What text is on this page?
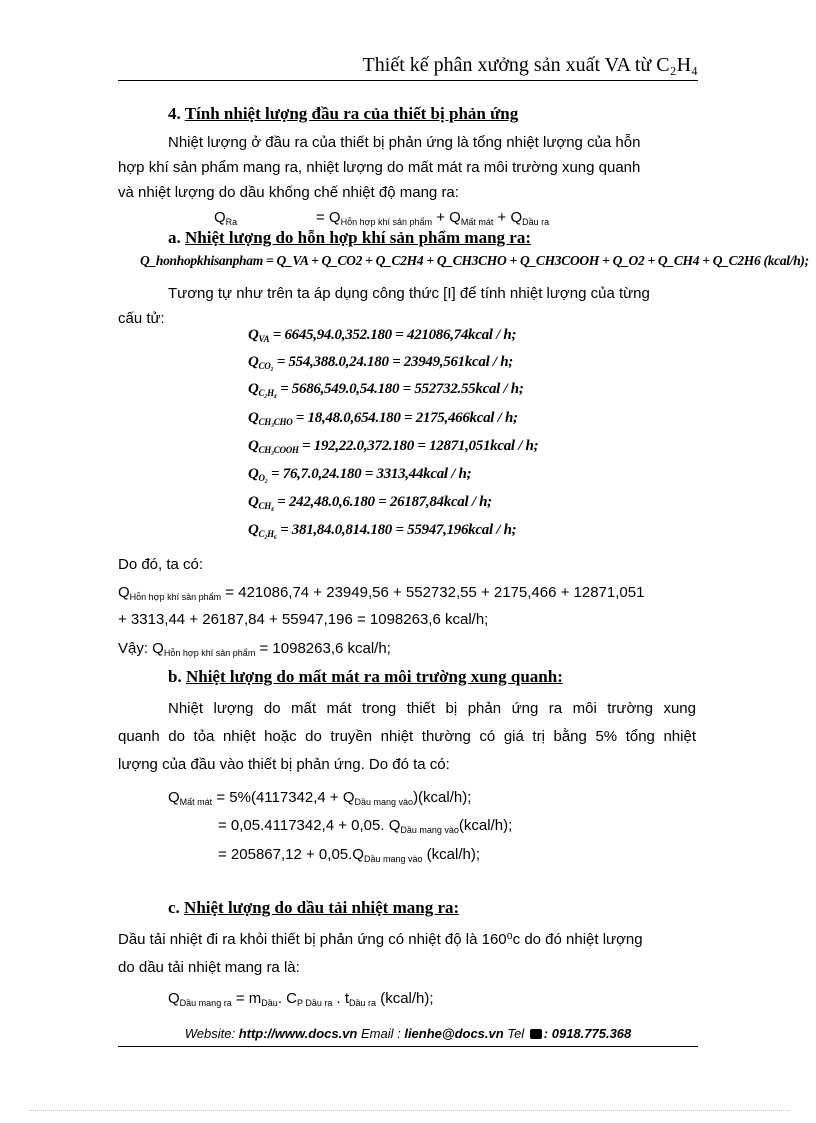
Thiết kế phân xưởng sản xuất VA từ C₂H₄
4. Tính nhiệt lượng đầu ra của thiết bị phản ứng
Nhiệt lượng ở đầu ra của thiết bị phản ứng là tổng nhiệt lượng của hỗn
hợp khí sản phẩm mang ra, nhiệt lượng do mất mát ra môi trường xung quanh
và nhiệt lượng do dầu khống chế nhiệt độ mang ra:
$Q_{Ra}$	= $Q_{Hỗn hợp khí sản phẩm} + Q_{Mất mát} + Q_{Dầu ra}$
a. Nhiệt lượng do hỗn hợp khí sản phẩm mang ra:
Q_honhopkhisanpham = Q_VA + Q_CO2 + Q_C2H4 + Q_CH3CHO + Q_CH3COOH + Q_O2 + Q_CH4 + Q_C2H6 (kcal/h);
Tương tự như trên ta áp dụng công thức [I] để tính nhiệt lượng của từng
cấu tử:
$Q_{VA} = 6645,94.0,352.180$ = 421086,74kcal / h;
$Q_{CO_2} = 554,388.0,24.180$ = 23949,561kcal / h;
$Q_{C_2H_4} = 5686,549.0,54.180$ = 552732.55kcal / h;
$Q_{CH_3CHO} = 18,48.0,654.180$ = 2175,466kcal / h;
$Q_{CH_3COOH} = 192,22.0,372.180$ = 12871,051kcal / h;
$Q_{O_2} = 76,7.0,24.180$ = 3313,44kcal / h;
$Q_{CH_4} = 242,48.0,6.180$ = 26187,84kcal / h;
$Q_{C_2H_6} = 381,84.0,814.180$ = 55947,196kcal / h;
Do đó, ta có:
$Q_{Hỗn hợp khí sản phẩm} = 421086,74 + 23949,56 + 552732,55 + 2175,466 + 12871,051$
+ 3313,44 + 26187,84 + 55947,196 = 1098263,6 kcal/h;
Vậy: $Q_{Hỗn hợp khí sản phẩm} = 1098263,6$ kcal/h;
b. Nhiệt lượng do mất mát ra môi trường xung quanh:
Nhiệt lượng do mất mát trong thiết bị phản ứng ra môi trường xung
quanh do tỏa nhiệt hoặc do truyền nhiệt thường có giá trị bằng 5% tổng nhiệt
lượng của đầu vào thiết bị phản ứng. Do đó ta có:
$Q_{Mất mát} = 5\%(4117342,4$ + $Q_{Dầu mang vào})(kcal/h)$;
= 0,05.4117342,4 + 0,05. $Q_{Dầu mang vào}(kcal/h)$;
= $205867,12 + 0,05.Q_{Dầu mang vào}$ (kcal/h);
c. Nhiệt lượng do dầu tải nhiệt mang ra:
Dầu tải nhiệt đi ra khỏi thiết bị phản ứng có nhiệt độ là 160⁰c do đó nhiệt lượng
do dầu tải nhiệt mang ra là:
$Q_{Dầu mang ra} = m_{Dầu}$. $C_{P Dầu ra}$ . $t_{Dầu ra}$ (kcal/h);
Website: http://www.docs.vn Email : lienhe@docs.vn Tel : 0918.775.368
